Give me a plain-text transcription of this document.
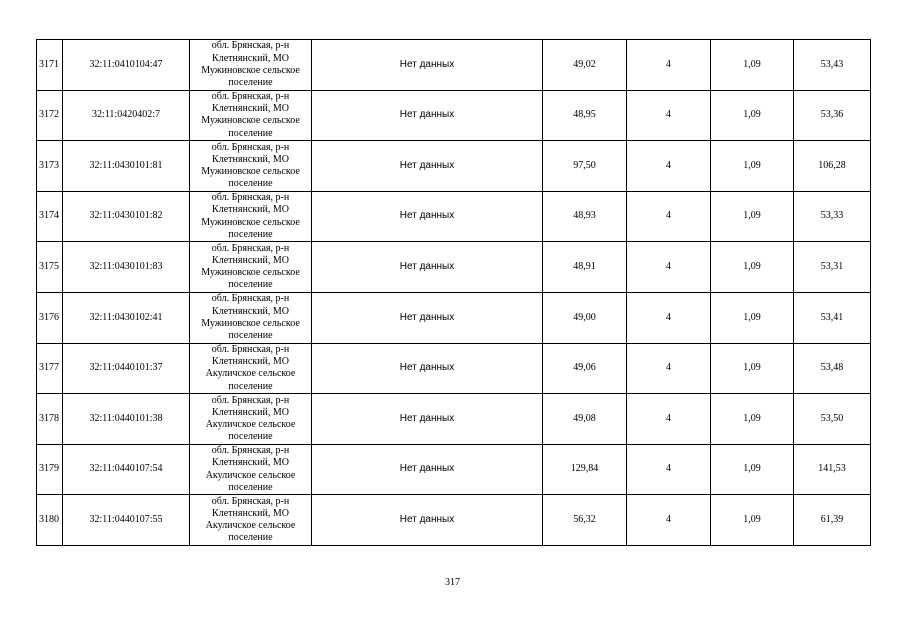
3171	32:11:0410104:47	обл. Брянская, р-н
Клетнянский, МО
Мужиновское сельское
поселение	Нет данных	49,02	4	1,09	53,43
3172	32:11:0420402:7	обл. Брянская, р-н
Клетнянский, МО
Мужиновское сельское
поселение	Нет данных	48,95	4	1,09	53,36
3173	32:11:0430101:81	обл. Брянская, р-н
Клетнянский, МО
Мужиновское сельское
поселение	Нет данных	97,50	4	1,09	106,28
3174	32:11:0430101:82	обл. Брянская, р-н
Клетнянский, МО
Мужиновское сельское
поселение	Нет данных	48,93	4	1,09	53,33
3175	32:11:0430101:83	обл. Брянская, р-н
Клетнянский, МО
Мужиновское сельское
поселение	Нет данных	48,91	4	1,09	53,31
3176	32:11:0430102:41	обл. Брянская, р-н
Клетнянский, МО
Мужиновское сельское
поселение	Нет данных	49,00	4	1,09	53,41
3177	32:11:0440101:37	обл. Брянская, р-н
Клетнянский, МО
Акуличское сельское
поселение	Нет данных	49,06	4	1,09	53,48
3178	32:11:0440101:38	обл. Брянская, р-н
Клетнянский, МО
Акуличское сельское
поселение	Нет данных	49,08	4	1,09	53,50
3179	32:11:0440107:54	обл. Брянская, р-н
Клетнянский, МО
Акуличское сельское
поселение	Нет данных	129,84	4	1,09	141,53
3180	32:11:0440107:55	обл. Брянская, р-н
Клетнянский, МО
Акуличское сельское
поселение	Нет данных	56,32	4	1,09	61,39
317
